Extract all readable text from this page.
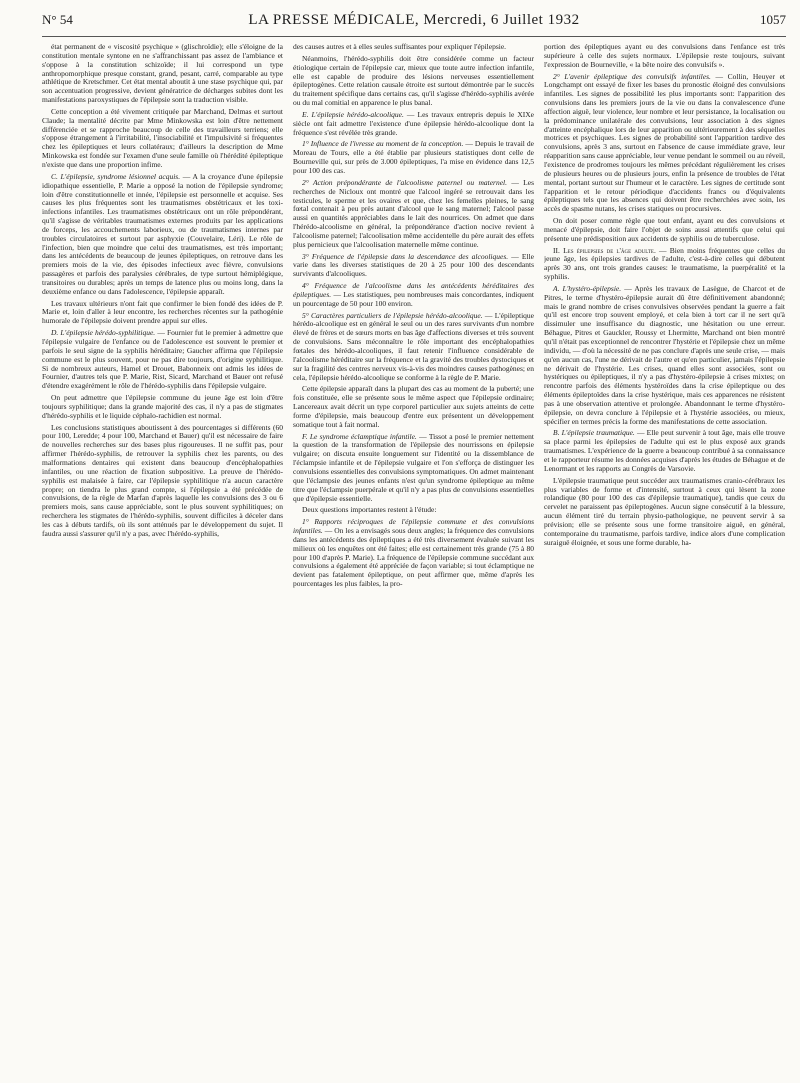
N° 54	LA PRESSE MÉDICALE, Mercredi, 6 Juillet 1932	1057

état permanent de « viscosité psychique » (glischroïdie); elle s'éloigne de la constitution mentale syntone en ne s'affranchissant pas assez de l'ambiance et s'oppose à la constitution schizoïde; il lui correspond un type anthropomorphique presque constant, grand, pesant, carré, comparable au type athlétique de Kretschmer. Cet état mental aboutit à une stase psychique qui, par son accentuation progressive, devient génératrice de décharges subites dont les manifestations paroxystiques de l'épilepsie sont la traduction visible.

Cette conception a été vivement critiquée par Marchand, Delmas et surtout Claude; la mentalité décrite par Mme Minkowska est loin d'être nettement différenciée et se rapproche beaucoup de celle des travailleurs terriens; elle s'oppose étrangement à l'irritabilité, l'insociabilité et l'impulsivité si fréquentes chez les épileptiques et leurs collatéraux; d'ailleurs la description de Mme Minkowska est fondée sur l'examen d'une seule famille où l'hérédité épileptique n'existe que dans une proportion infime.

C. L'épilepsie, syndrome lésionnel acquis. — A la croyance d'une épilepsie idiopathique essentielle, P. Marie a opposé la notion de l'épilepsie syndrome; loin d'être constitutionnelle et innée, l'épilepsie est personnelle et acquise. Ses causes les plus fréquentes sont les traumatismes obstétricaux et les toxi-infections infantiles. Les traumatismes obstétricaux ont un rôle prépondérant, qu'il s'agisse de véritables traumatismes externes produits par les applications de forceps, les accouchements laborieux, ou de traumatismes internes par troubles circulatoires et surtout par asphyxie (Couvelaire, Léri). Le rôle de l'infection, bien que moindre que celui des traumatismes, est très important; dans les antécédents de beaucoup de jeunes épileptiques, on retrouve dans les premiers mois de la vie, des épisodes infectieux avec fièvre, convulsions passagères et parfois des paralysies cérébrales, de type surtout hémiplégique, transitoires ou durables; après un temps de latence plus ou moins long, dans la deuxième enfance ou dans l'adolescence, l'épilepsie apparaît.

Les travaux ultérieurs n'ont fait que confirmer le bien fondé des idées de P. Marie et, loin d'aller à leur encontre, les recherches récentes sur la pathogénie humorale de l'épilepsie doivent prendre appui sur elles.

D. L'épilepsie hérédo-syphilitique. — Fournier fut le premier à admettre que l'épilepsie vulgaire de l'enfance ou de l'adolescence est souvent le premier et parfois le seul signe de la syphilis héréditaire; Gaucher affirma que l'épilepsie commune est le plus souvent, pour ne pas dire toujours, d'origine syphilitique. Si de nombreux auteurs, Hamel et Drouet, Babonneix ont admis les idées de Fournier, d'autres tels que P. Marie, Rist, Sicard, Marchand et Bauer ont refusé d'étendre exagérément le rôle de l'hérédo-syphilis dans l'épilepsie vulgaire.

On peut admettre que l'épilepsie commune du jeune âge est loin d'être toujours syphilitique; dans la grande majorité des cas, il n'y a pas de stigmates d'hérédo-syphilis et le liquide céphalo-rachidien est normal.

Les conclusions statistiques aboutissent à des pourcentages si différents (60 pour 100, Leredde; 4 pour 100, Marchand et Bauer) qu'il est nécessaire de faire de nouvelles recherches sur des bases plus rigoureuses. Il ne suffit pas, pour affirmer l'hérédo-syphilis, de retrouver la syphilis chez les parents, ou des malformations dentaires qui existent dans beaucoup d'encéphalopathies infantiles, ou une réaction de fixation subpositive. La preuve de l'hérédo-syphilis est malaisée à faire, car l'épilepsie syphilitique n'a aucun caractère propre; on tiendra le plus grand compte, si l'épilepsie a été précédée de convulsions, de la règle de Marfan d'après laquelle les convulsions des 3 ou 6 premiers mois, sans cause appréciable, sont le plus souvent syphilitiques; on recherchera les stigmates de l'hérédo-syphilis, souvent difficiles à déceler dans les cas à débuts tardifs, où ils sont atténués par le développement du sujet. Il faudra aussi s'assurer qu'il n'y a pas, avec l'hérédo-syphilis,

des causes autres et à elles seules suffisantes pour expliquer l'épilepsie.

Néanmoins, l'hérédo-syphilis doit être considérée comme un facteur étiologique certain de l'épilepsie car, mieux que toute autre infection infantile, elle est capable de produire des lésions nerveuses essentiellement épileptogènes. Cette relation causale étroite est surtout démontrée par le succès du traitement spécifique dans certains cas, qu'il s'agisse d'hérédo-syphilis avérée ou du mal comitial en apparence le plus banal.

E. L'épilepsie hérédo-alcoolique. — Les travaux entrepris depuis le XIXe siècle ont fait admettre l'existence d'une épilepsie hérédo-alcoolique dont la fréquence s'est révélée très grande.

1° Influence de l'ivresse au moment de la conception. — Depuis le travail de Moreau de Tours, elle a été établie par plusieurs statistiques dont celle de Bourneville qui, sur près de 3.000 épileptiques, l'a mise en évidence dans 12,5 pour 100 des cas.

2° Action prépondérante de l'alcoolisme paternel ou maternel. — Les recherches de Nicloux ont montré que l'alcool ingéré se retrouvait dans les testicules, le sperme et les ovaires et que, chez les femelles pleines, le sang fœtal contenait à peu près autant d'alcool que le sang maternel; l'alcool passe aussi en quantités appréciables dans le lait des nourrices. On admet que dans l'hérédo-alcoolisme en général, la prépondérance d'action nocive revient à l'alcoolisme paternel; l'alcoolisation même accidentelle du père aurait des effets plus pernicieux que l'alcoolisation maternelle même continue.

3° Fréquence de l'épilepsie dans la descendance des alcooliques. — Elle varie dans les diverses statistiques de 20 à 25 pour 100 des descendants survivants d'alcooliques.

4° Fréquence de l'alcoolisme dans les antécédents héréditaires des épileptiques. — Les statistiques, peu nombreuses mais concordantes, indiquent un pourcentage de 50 pour 100 environ.

5° Caractères particuliers de l'épilepsie hérédo-alcoolique. — L'épileptique hérédo-alcoolique est en général le seul ou un des rares survivants d'un nombre élevé de frères et de sœurs morts en bas âge d'affections diverses et très souvent de convulsions. Sans méconnaître le rôle important des encéphalopathies fœtales des hérédo-alcooliques, il faut retenir l'influence considérable de l'alcoolisme héréditaire sur la fréquence et la gravité des troubles dystociques et sur la fragilité des centres nerveux vis-à-vis des moindres causes pathogènes; en cela, l'épilepsie hérédo-alcoolique se conforme à la règle de P. Marie.

Cette épilepsie apparaît dans la plupart des cas au moment de la puberté; une fois constituée, elle se présente sous le même aspect que l'épilepsie ordinaire; Lancereaux avait décrit un type corporel particulier aux sujets atteints de cette forme d'épilepsie, mais beaucoup d'entre eux présentent un développement somatique tout à fait normal.

F. Le syndrome éclamptique infantile. — Tissot a posé le premier nettement la question de la transformation de l'épilepsie des nourrissons en épilepsie vulgaire; on discuta ensuite longuement sur l'identité ou la dissemblance de l'éclampsie infantile et de l'épilepsie vulgaire et l'on s'efforça de distinguer les convulsions essentielles des convulsions symptomatiques. On admet maintenant que l'éclampsie des jeunes enfants n'est qu'un syndrome épileptique au même titre que l'éclampsie puerpérale et qu'il n'y a pas plus de convulsions essentielles que d'épilepsie essentielle.

Deux questions importantes restent à l'étude:

1° Rapports réciproques de l'épilepsie commune et des convulsions infantiles. — On les a envisagés sous deux angles; la fréquence des convulsions dans les antécédents des épileptiques a été très diversement évaluée suivant les milieux où les enquêtes ont été faites; elle est certainement très grande (75 à 80 pour 100 d'après P. Marie). La fréquence de l'épilepsie commune succédant aux convulsions a également été appréciée de façon variable; si tout éclamptique ne devient pas fatalement épileptique, on peut affirmer que, même d'après les pourcentages les plus faibles, la pro-

portion des épileptiques ayant eu des convulsions dans l'enfance est très supérieure à celle des sujets normaux. L'épilepsie reste toujours, suivant l'expression de Bourneville, « la bête noire des convulsifs ».

2° L'avenir épileptique des convulsifs infantiles. — Collin, Heuyer et Longchampt ont essayé de fixer les bases du pronostic éloigné des convulsions infantiles. Les signes de possibilité les plus importants sont: l'apparition des convulsions dans les premiers jours de la vie ou dans la convalescence d'une affection aiguë, leur violence, leur nombre et leur persistance, la localisation ou la prédominance unilatérale des convulsions, leur association à des signes d'atteinte encéphalique lors de leur apparition ou ultérieurement à des séquelles motrices et psychiques. Les signes de probabilité sont l'apparition tardive des convulsions, après 3 ans, surtout en l'absence de cause immédiate grave, leur réapparition sans cause appréciable, leur venue pendant le sommeil ou au réveil, l'existence de prodromes toujours les mêmes précédant régulièrement les crises de plusieurs heures ou de plusieurs jours, enfin la présence de troubles de l'état mental, portant surtout sur l'humeur et le caractère. Les signes de certitude sont l'apparition et le retour périodique d'accidents francs ou d'équivalents épileptiques tels que les absences qui doivent être recherchées avec soin, les accès de spasme nutans, les crises statiques ou procursives.

On doit poser comme règle que tout enfant, ayant eu des convulsions et menacé d'épilepsie, doit faire l'objet de soins aussi attentifs que celui qui présente une prédisposition aux accidents de syphilis ou de tuberculose.

II. Les épilepsies de l'âge adulte. — Bien moins fréquentes que celles du jeune âge, les épilepsies tardives de l'adulte, c'est-à-dire celles qui débutent après 30 ans, ont trois grandes causes: le traumatisme, la puerpéralité et la syphilis.

A. L'hystéro-épilepsie. — Après les travaux de Lasègue, de Charcot et de Pitres, le terme d'hystéro-épilepsie aurait dû être définitivement abandonné; mais le grand nombre de crises convulsives observées pendant la guerre a fait qu'il est encore trop souvent employé, et cela bien à tort car il ne sert qu'à dissimuler une insuffisance du diagnostic, une hésitation ou une erreur. Béhague, Pitres et Gauckler, Roussy et Lhermitte, Marchand ont bien montré qu'il n'était pas exceptionnel de rencontrer l'hystérie et l'épilepsie chez un même individu, — d'où la nécessité de ne pas conclure d'après une seule crise, — mais qu'en aucun cas, l'une ne dérivait de l'autre et qu'en particulier, jamais l'épilepsie ne dérivait de l'hystérie. Les crises, quand elles sont associées, sont ou hystériques ou épileptiques, il n'y a pas d'hystéro-épilepsie à crises mixtes; on rencontre parfois des éléments hystéroïdes dans la crise épileptique ou des éléments épileptoïdes dans la crise hystérique, mais ces apparences ne résistent pas à une observation attentive et prolongée. Abandonnant le terme d'hystéro-épilepsie, on devra conclure à l'épilepsie et à l'hystérie associées, ou mieux, spécifier en termes précis la forme des manifestations de cette association.

B. L'épilepsie traumatique. — Elle peut survenir à tout âge, mais elle trouve sa place parmi les épilepsies de l'adulte qui est le plus exposé aux grands traumatismes. L'expérience de la guerre a beaucoup contribué à sa connaissance et le rapporteur résume les données acquises d'après les études de Béhague et de Lenormant et les rapports au Congrès de Varsovie.

L'épilepsie traumatique peut succéder aux traumatismes cranio-cérébraux les plus variables de forme et d'intensité, surtout à ceux qui lèsent la zone rolandique (80 pour 100 des cas d'épilepsie traumatique), tandis que ceux du cervelet ne paraissent pas épileptogènes. Aucun signe consécutif à la blessure, aucun élément tiré du terrain physio-pathologique, ne peuvent servir à sa prévision; elle se présente sous une forme transitoire aiguë, en général, contemporaine du traumatisme, parfois tardive, indice alors d'une complication suraiguë éloignée, et sous une forme durable, ha-
